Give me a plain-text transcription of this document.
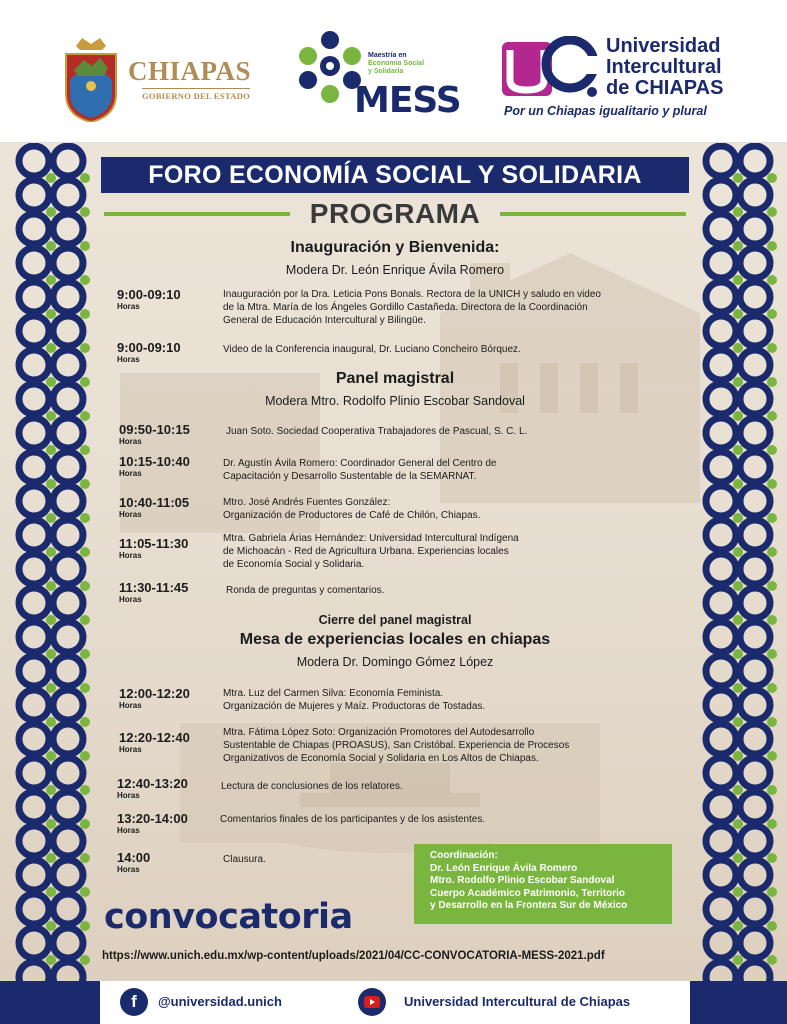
CHIAPAS
GOBIERNO DEL ESTADO
Maestría en
Economía Social
y Solidaria
MESS
Universidad
Intercultural
de CHIAPAS
Por un Chiapas igualitario y plural
FORO ECONOMÍA SOCIAL Y SOLIDARIA
PROGRAMA
Inauguración y Bienvenida:
Modera Dr. León Enrique Ávila Romero
9:00-09:10
Horas
Inauguración por la Dra. Leticia Pons Bonals. Rectora de la UNICH y saludo en video
de la Mtra. María de los Ángeles Gordillo Castañeda. Directora de la Coordinación
General de Educación Intercultural y Bilingüe.
9:00-09:10
Horas
Video de la Conferencia inaugural, Dr. Luciano Concheiro Bórquez.
Panel magistral
Modera Mtro. Rodolfo Plinio Escobar Sandoval
09:50-10:15
Horas
Juan Soto. Sociedad Cooperativa Trabajadores de Pascual, S. C. L.
10:15-10:40
Horas
Dr. Agustín Ávila Romero: Coordinador General del Centro de
Capacitación y Desarrollo Sustentable de la SEMARNAT.
10:40-11:05
Horas
Mtro. José Andrés Fuentes González:
Organización de Productores de Café de Chilón, Chiapas.
11:05-11:30
Horas
Mtra. Gabriela Árias Hernández: Universidad Intercultural Indígena
de Michoacán - Red de Agricultura Urbana. Experiencias locales
de Economía Social y Solidaria.
11:30-11:45
Horas
Ronda de preguntas y comentarios.
Cierre del panel magistral
Mesa de experiencias locales en chiapas
Modera Dr. Domingo Gómez López
12:00-12:20
Horas
Mtra. Luz del Carmen Silva: Economía Feminista.
Organización de Mujeres y Maíz. Productoras de Tostadas.
12:20-12:40
Horas
Mtra. Fátima López Soto: Organización Promotores del Autodesarrollo
Sustentable de Chiapas (PROASUS), San Cristóbal. Experiencia de Procesos
Organizativos de Economía Social y Solidaria en Los Altos de Chiapas.
12:40-13:20
Horas
Lectura de conclusiones de los relatores.
13:20-14:00
Horas
Comentarios finales de los participantes y de los asistentes.
14:00
Horas
Clausura.	Coordinación:
Dr. León Enrique Ávila Romero
Mtro. Rodolfo Plinio Escobar Sandoval
Cuerpo Académico Patrimonio, Territorio
y Desarrollo en la Frontera Sur de México
convocatoria
https://www.unich.edu.mx/wp-content/uploads/2021/04/CC-CONVOCATORIA-MESS-2021.pdf
f	@universidad.unich	Universidad Intercultural de Chiapas
